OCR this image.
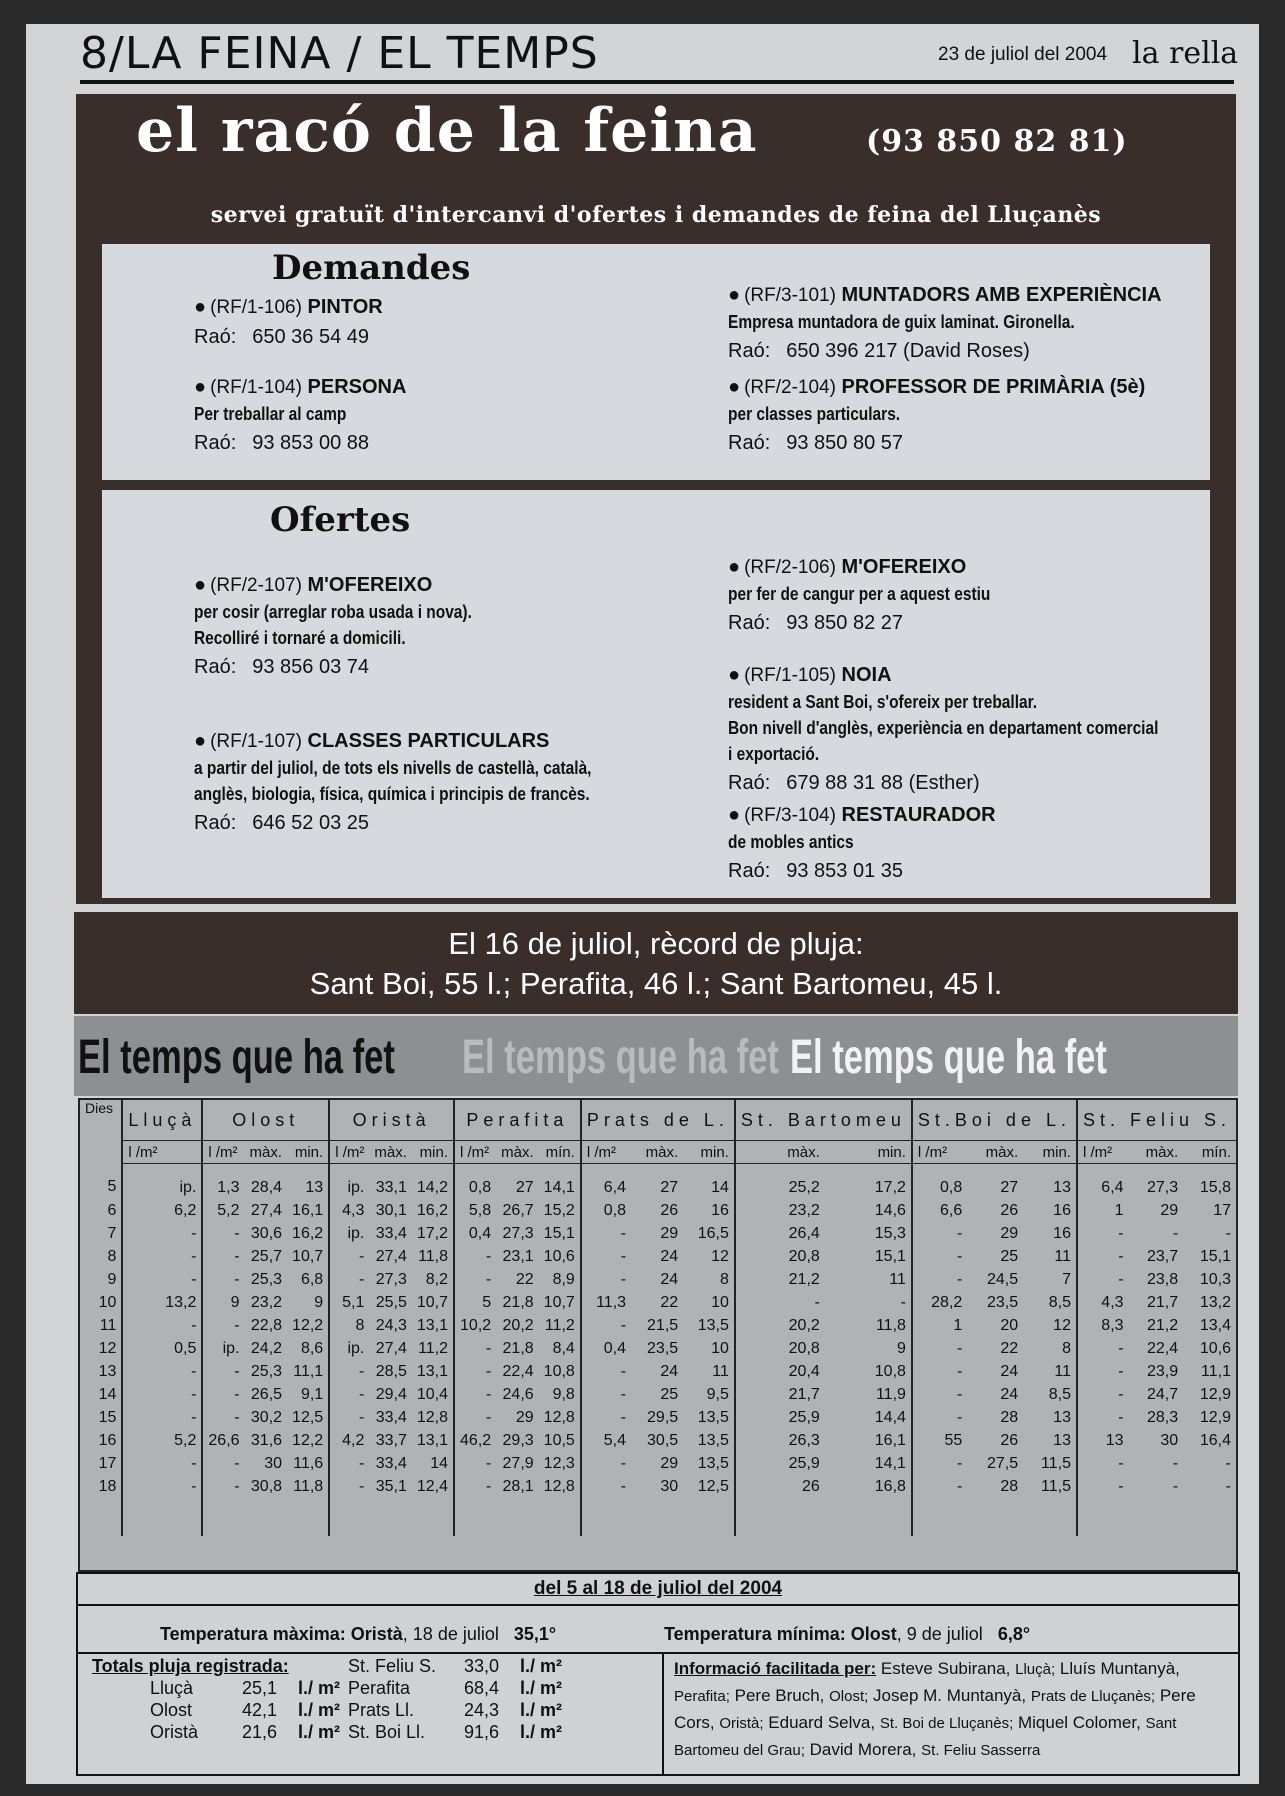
8/LA FEINA / EL TEMPS	23 de juliol del 2004 la rella
el racó de la feina	(93 850 82 81)
servei gratuït d'intercanvi d'ofertes i demandes de feina del Lluçanès
Demandes
● (RF/1-106) PINTOR
Raó: 650 36 54 49
● (RF/1-104) PERSONA
Per treballar al camp
Raó: 93 853 00 88
● (RF/3-101) MUNTADORS AMB EXPERIÈNCIA
Empresa muntadora de guix laminat. Gironella.
Raó: 650 396 217 (David Roses)
● (RF/2-104) PROFESSOR DE PRIMÀRIA (5è)
per classes particulars.
Raó: 93 850 80 57
Ofertes
● (RF/2-107) M'OFEREIXO
per cosir (arreglar roba usada i nova).
Recolliré i tornaré a domicili.
Raó: 93 856 03 74
● (RF/1-107) CLASSES PARTICULARS
a partir del juliol, de tots els nivells de castellà, català,
anglès, biologia, física, química i principis de francès.
Raó: 646 52 03 25
● (RF/2-106) M'OFEREIXO
per fer de cangur per a aquest estiu
Raó: 93 850 82 27
● (RF/1-105) NOIA
resident a Sant Boi, s'ofereix per treballar.
Bon nivell d'anglès, experiència en departament comercial
i exportació.
Raó: 679 88 31 88 (Esther)
● (RF/3-104) RESTAURADOR
de mobles antics
Raó: 93 853 01 35
El 16 de juliol, rècord de pluja:
Sant Boi, 55 l.; Perafita, 46 l.; Sant Bartomeu, 45 l.
El temps que ha fet El temps que ha fet El temps que ha fet
Dies	Lluçà	Olost			Oristà			Perafita			Prats de L.			St. Bartomeu		St.Boi de L.			St. Feliu S.		
	l /m²	l /m²	màx.	min.	l /m²	màx.	min.	l /m²	màx.	mín.	l /m²	màx.	min.	màx.	min.	l /m²	màx.	min.	l /m²	màx.	mín.
5	ip.	1,3	28,4	13	ip.	33,1	14,2	0,8	27	14,1	6,4	27	14	25,2	17,2	0,8	27	13	6,4	27,3	15,8
6	6,2	5,2	27,4	16,1	4,3	30,1	16,2	5,8	26,7	15,2	0,8	26	16	23,2	14,6	6,6	26	16	1	29	17
7	-	-	30,6	16,2	ip.	33,4	17,2	0,4	27,3	15,1	-	29	16,5	26,4	15,3	-	29	16	-	-	-
8	-	-	25,7	10,7	-	27,4	11,8	-	23,1	10,6	-	24	12	20,8	15,1	-	25	11	-	23,7	15,1
9	-	-	25,3	6,8	-	27,3	8,2	-	22	8,9	-	24	8	21,2	11	-	24,5	7	-	23,8	10,3
10	13,2	9	23,2	9	5,1	25,5	10,7	5	21,8	10,7	11,3	22	10	-	-	28,2	23,5	8,5	4,3	21,7	13,2
11	-	-	22,8	12,2	8	24,3	13,1	10,2	20,2	11,2	-	21,5	13,5	20,2	11,8	1	20	12	8,3	21,2	13,4
12	0,5	ip.	24,2	8,6	ip.	27,4	11,2	-	21,8	8,4	0,4	23,5	10	20,8	9	-	22	8	-	22,4	10,6
13	-	-	25,3	11,1	-	28,5	13,1	-	22,4	10,8	-	24	11	20,4	10,8	-	24	11	-	23,9	11,1
14	-	-	26,5	9,1	-	29,4	10,4	-	24,6	9,8	-	25	9,5	21,7	11,9	-	24	8,5	-	24,7	12,9
15	-	-	30,2	12,5	-	33,4	12,8	-	29	12,8	-	29,5	13,5	25,9	14,4	-	28	13	-	28,3	12,9
16	5,2	26,6	31,6	12,2	4,2	33,7	13,1	46,2	29,3	10,5	5,4	30,5	13,5	26,3	16,1	55	26	13	13	30	16,4
17	-	-	30	11,6	-	33,4	14	-	27,9	12,3	-	29	13,5	25,9	14,1	-	27,5	11,5	-	-	-
18	-	-	30,8	11,8	-	35,1	12,4	-	28,1	12,8	-	30	12,5	26	16,8	-	28	11,5	-	-	-

del 5 al 18 de juliol del 2004
Temperatura màxima: Oristà, 18 de juliol 35,1°	Temperatura mínima: Olost, 9 de juliol 6,8°
Totals pluja registrada:
Lluçà	25,1 l./ m²
Olost	42,1 l./ m²
Oristà 21,6 l./ m²
St. Feliu S. 33,0 l./ m²
Perafita	68,4 l./ m²
Prats Ll.	24,3 l./ m²
St. Boi Ll. 91,6 l./ m²
Informació facilitada per: Esteve Subirana, Lluçà; Lluís Muntanyà, Perafita; Pere Bruch, Olost; Josep M. Muntanyà, Prats de Lluçanès; Pere Cors, Oristà; Eduard Selva, St. Boi de Lluçanès; Miquel Colomer, Sant Bartomeu del Grau; David Morera, St. Feliu Sasserra
